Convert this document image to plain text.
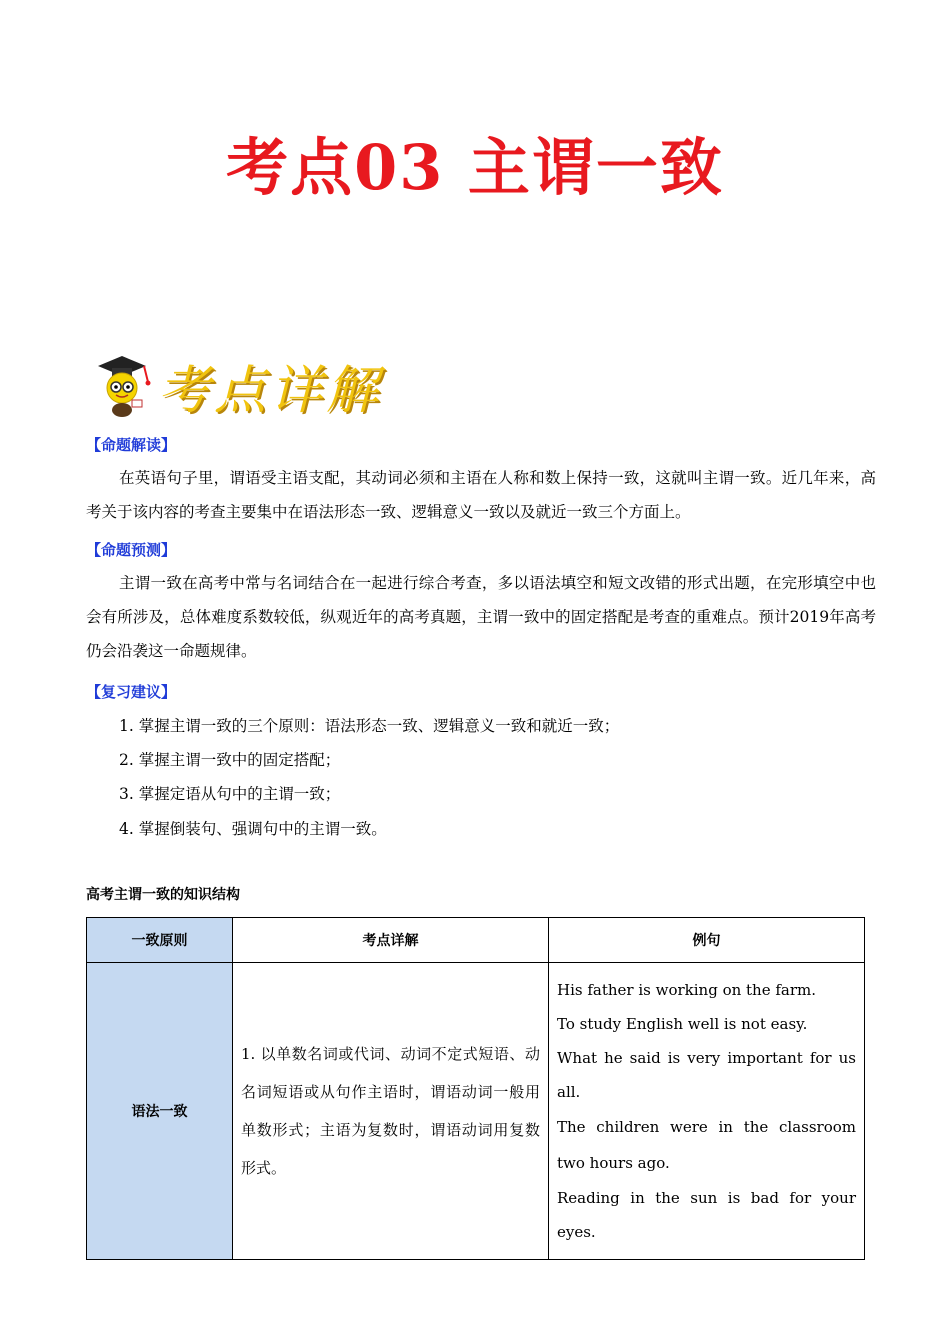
考点03 主谓一致
考点详解
【命题解读】
在英语句子里，谓语受主语支配，其动词必须和主语在人称和数上保持一致，这就叫主谓一致。近几年来，高考关于该内容的考查主要集中在语法形态一致、逻辑意义一致以及就近一致三个方面上。
【命题预测】
主谓一致在高考中常与名词结合在一起进行综合考查，多以语法填空和短文改错的形式出题，在完形填空中也会有所涉及，总体难度系数较低，纵观近年的高考真题，主谓一致中的固定搭配是考查的重难点。预计2019年高考仍会沿袭这一命题规律。
【复习建议】
1. 掌握主谓一致的三个原则：语法形态一致、逻辑意义一致和就近一致；
2. 掌握主谓一致中的固定搭配；
3. 掌握定语从句中的主谓一致；
4. 掌握倒装句、强调句中的主谓一致。
高考主谓一致的知识结构
一致原则	考点详解	例句
语法一致	1. 以单数名词或代词、动词不定式短语、动名词短语或从句作主语时，谓语动词一般用单数形式；主语为复数时，谓语动词用复数形式。	His father is working on the farm.
To study English well is not easy.
What he said is very important for us all.
The children were in the classroom two hours ago.
Reading in the sun is bad for your eyes.
